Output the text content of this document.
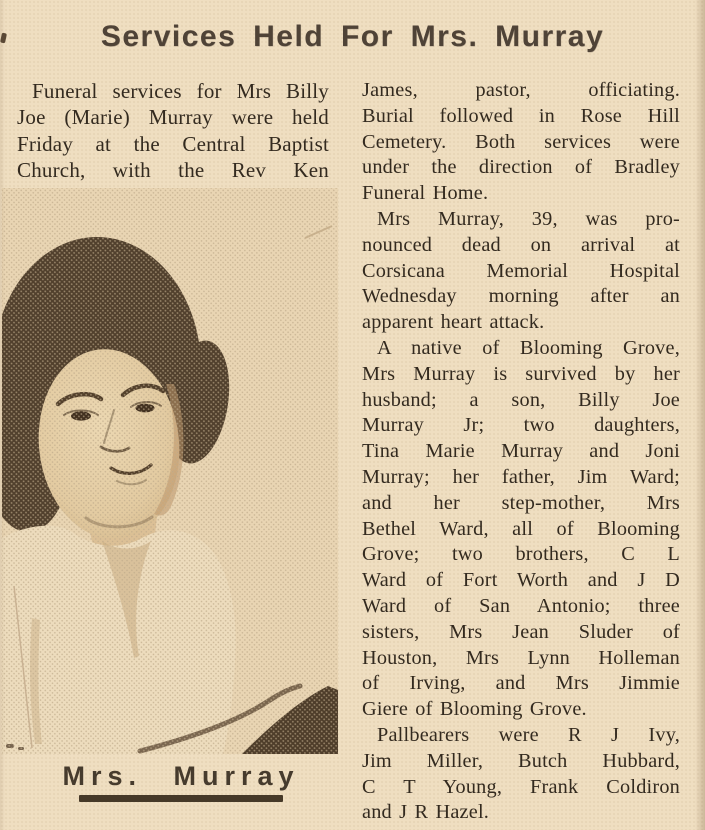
Services Held For Mrs. Murray
Funeral services for Mrs Billy
Joe (Marie) Murray were held
Friday at the Central Baptist
Church, with the Rev Ken
James, pastor, officiating.
Burial followed in Rose Hill
Cemetery. Both services were
under the direction of Bradley
Funeral Home.
Mrs Murray, 39, was pro-
nounced dead on arrival at
Corsicana Memorial Hospital
Wednesday morning after an
apparent heart attack.
A native of Blooming Grove,
Mrs Murray is survived by her
husband; a son, Billy Joe
Murray Jr; two daughters,
Tina Marie Murray and Joni
Murray; her father, Jim Ward;
and her step-mother, Mrs
Bethel Ward, all of Blooming
Grove; two brothers, C L
Ward of Fort Worth and J D
Ward of San Antonio; three
sisters, Mrs Jean Sluder of
Houston, Mrs Lynn Holleman
of Irving, and Mrs Jimmie
Giere of Blooming Grove.
Pallbearers were R J Ivy,
Jim Miller, Butch Hubbard,
C T Young, Frank Coldiron
and J R Hazel.
Mrs. Murray
